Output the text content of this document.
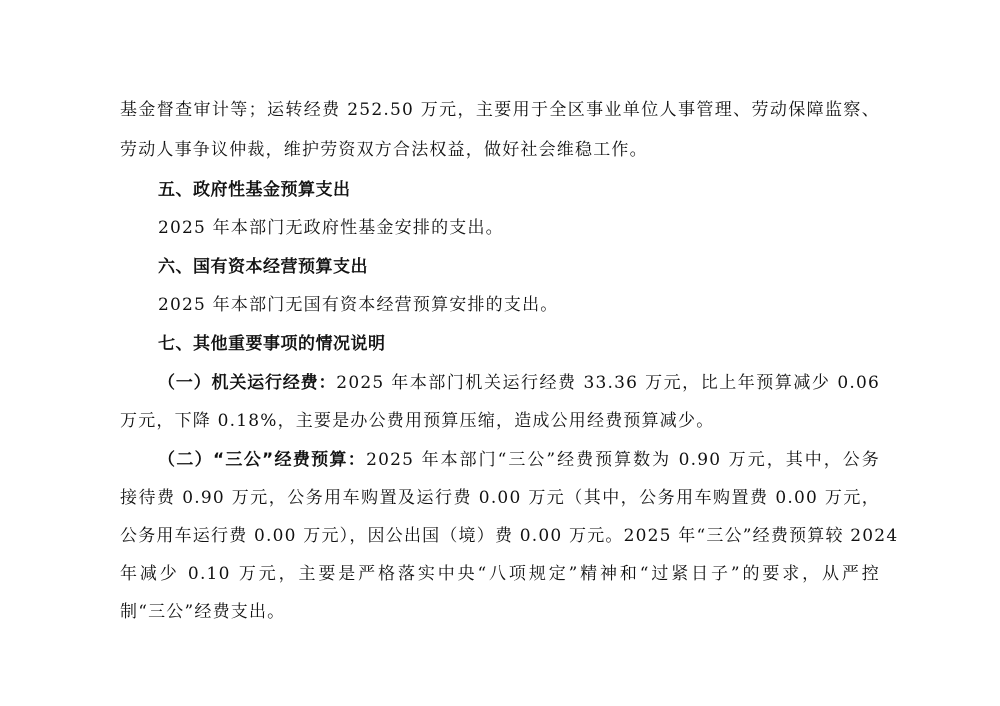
基金督查审计等；运转经费 252.50 万元，主要用于全区事业单位人事管理、劳动保障监察、
劳动人事争议仲裁，维护劳资双方合法权益，做好社会维稳工作。
五、政府性基金预算支出
2025 年本部门无政府性基金安排的支出。
六、国有资本经营预算支出
2025 年本部门无国有资本经营预算安排的支出。
七、其他重要事项的情况说明
（一）机关运行经费：2025 年本部门机关运行经费 33.36 万元，比上年预算减少 0.06
万元，下降 0.18%，主要是办公费用预算压缩，造成公用经费预算减少。
（二）“三公”经费预算：2025 年本部门“三公”经费预算数为 0.90 万元，其中，公务
接待费 0.90 万元，公务用车购置及运行费 0.00 万元（其中，公务用车购置费 0.00 万元，
公务用车运行费 0.00 万元），因公出国（境）费 0.00 万元。2025 年“三公”经费预算较 2024
年减少 0.10 万元，主要是严格落实中央“八项规定”精神和“过紧日子”的要求，从严控
制“三公”经费支出。
